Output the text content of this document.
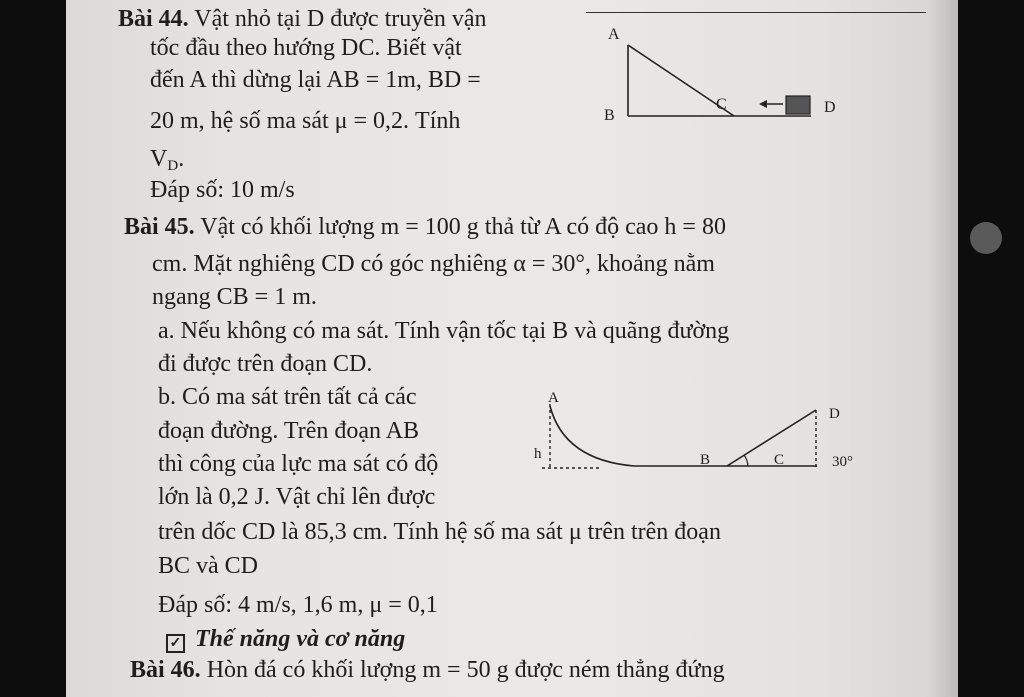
Bài 44. Vật nhỏ tại D được truyền vận
tốc đầu theo hướng DC. Biết vật
đến A thì dừng lại AB = 1m, BD =
20 m, hệ số ma sát μ = 0,2. Tính
$V_D$.
Đáp số: 10 m/s
A
B
C	D
Bài 45. Vật có khối lượng m = 100 g thả từ A có độ cao h = 80
cm. Mặt nghiêng CD có góc nghiêng α = 30°, khoảng nằm
ngang CB = 1 m.
a. Nếu không có ma sát. Tính vận tốc tại B và quãng đường
đi được trên đoạn CD.
b. Có ma sát trên tất cả các
đoạn đường. Trên đoạn AB
thì công của lực ma sát có độ
lớn là 0,2 J. Vật chỉ lên được
trên dốc CD là 85,3 cm. Tính hệ số ma sát μ trên trên đoạn
BC và CD
Đáp số: 4 m/s, 1,6 m, μ = 0,1
A
h	B	C
D
30°
✓ Thế năng và cơ năng
Bài 46. Hòn đá có khối lượng m = 50 g được ném thẳng đứng
